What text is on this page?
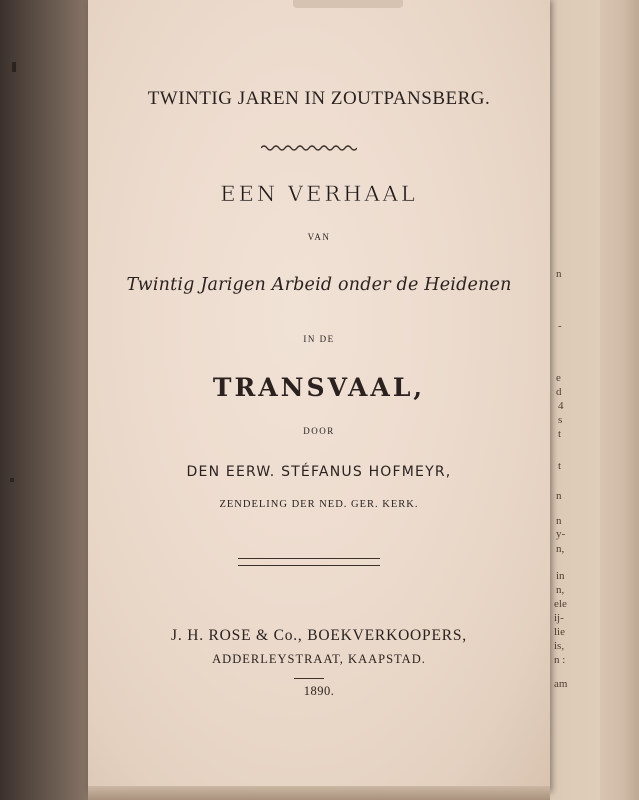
n
-
e
d
4
s
t
t
n
n
y-
n,
in
n,
ele
ij-
lie
is,
n :
am
TWINTIG JAREN IN ZOUTPANSBERG.
EEN VERHAAL
VAN
Twintig Jarigen Arbeid onder de Heidenen
IN DE
TRANSVAAL,
DOOR
DEN EERW. STÉFANUS HOFMEYR,
ZENDELING DER NED. GER. KERK.
J. H. ROSE & Co., BOEKVERKOOPERS,
ADDERLEYSTRAAT, KAAPSTAD.
1890.
